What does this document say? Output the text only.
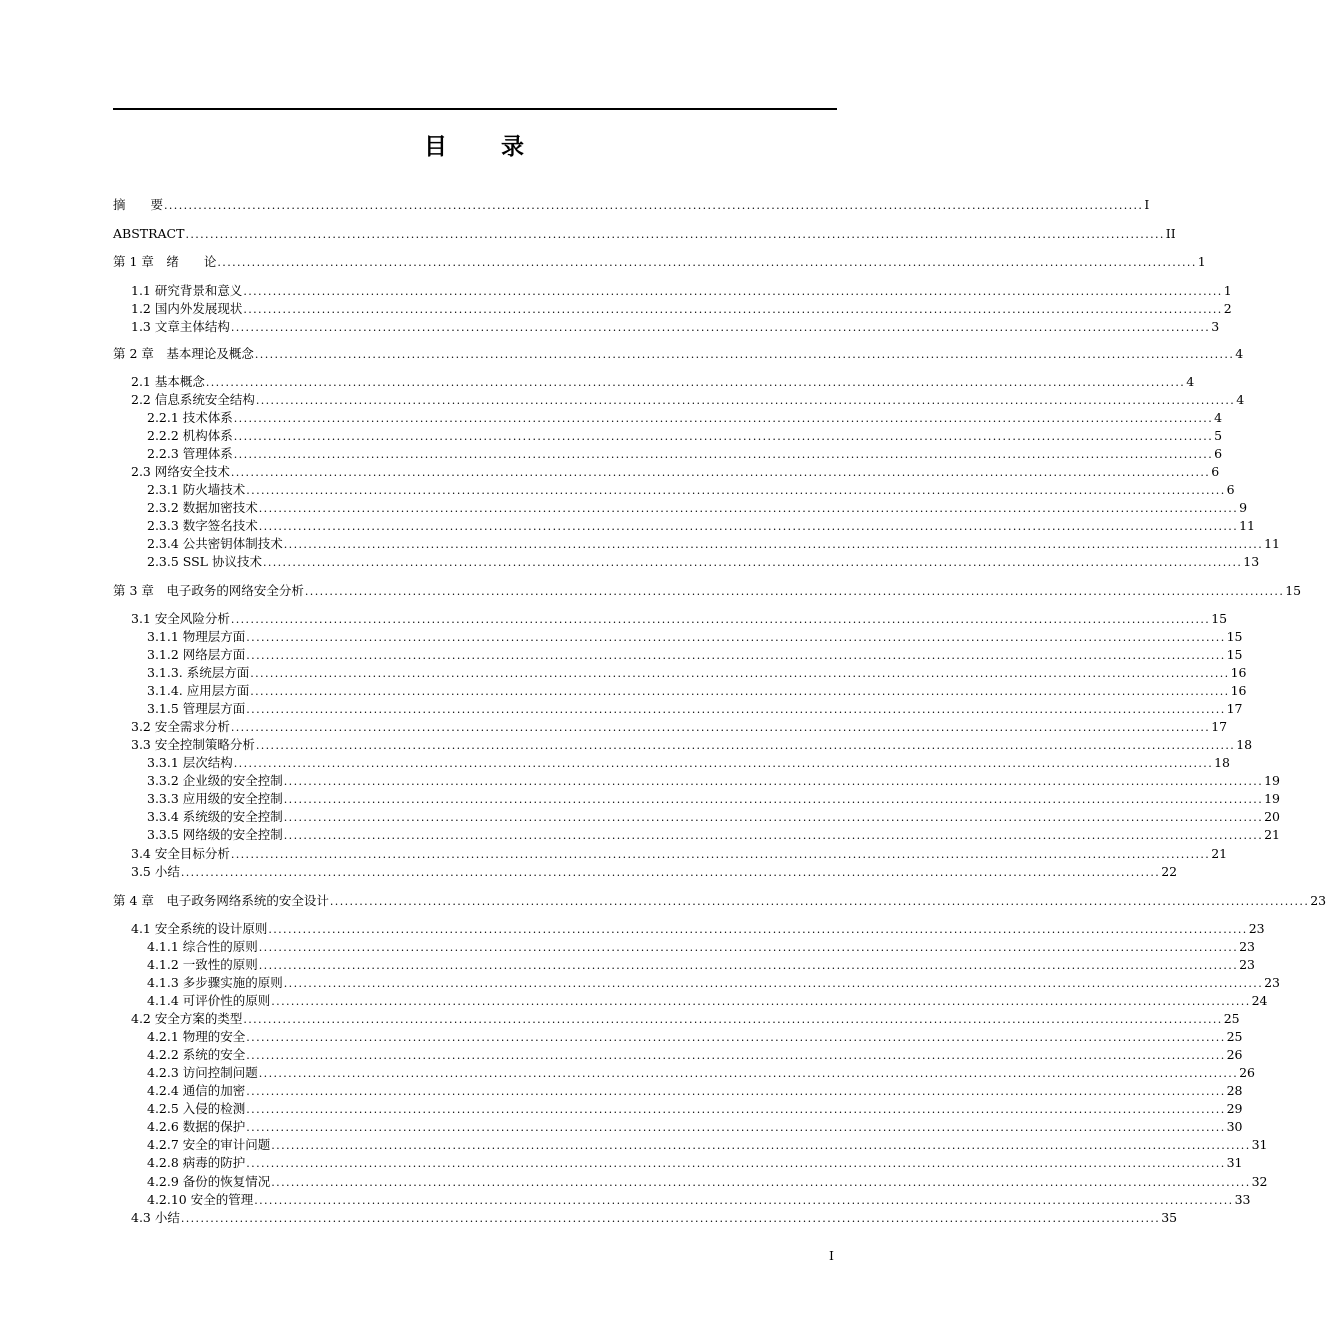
目 录
摘　　要 ........................................................................................................................................................................................................ I
ABSTRACT ........................................................................................................................................................................................................ II
第 1 章　绪　　论 ........................................................................................................................................................................................................ 1
1.1 研究背景和意义 ........................................................................................................................................................................................................ 1
1.2 国内外发展现状 ........................................................................................................................................................................................................ 2
1.3 文章主体结构 ........................................................................................................................................................................................................ 3
第 2 章　基本理论及概念 ........................................................................................................................................................................................................ 4
2.1 基本概念 ........................................................................................................................................................................................................ 4
2.2 信息系统安全结构 ........................................................................................................................................................................................................ 4
2.2.1 技术体系 ........................................................................................................................................................................................................ 4
2.2.2 机构体系 ........................................................................................................................................................................................................ 5
2.2.3 管理体系 ........................................................................................................................................................................................................ 6
2.3 网络安全技术 ........................................................................................................................................................................................................ 6
2.3.1 防火墙技术 ........................................................................................................................................................................................................ 6
2.3.2 数据加密技术 ........................................................................................................................................................................................................ 9
2.3.3 数字签名技术 ........................................................................................................................................................................................................ 11
2.3.4 公共密钥体制技术 ........................................................................................................................................................................................................ 11
2.3.5 SSL 协议技术 ........................................................................................................................................................................................................ 13
第 3 章　电子政务的网络安全分析 ........................................................................................................................................................................................................ 15
3.1 安全风险分析 ........................................................................................................................................................................................................ 15
3.1.1 物理层方面 ........................................................................................................................................................................................................ 15
3.1.2 网络层方面 ........................................................................................................................................................................................................ 15
3.1.3. 系统层方面 ........................................................................................................................................................................................................ 16
3.1.4. 应用层方面 ........................................................................................................................................................................................................ 16
3.1.5 管理层方面 ........................................................................................................................................................................................................ 17
3.2 安全需求分析 ........................................................................................................................................................................................................ 17
3.3 安全控制策略分析 ........................................................................................................................................................................................................ 18
3.3.1 层次结构 ........................................................................................................................................................................................................ 18
3.3.2 企业级的安全控制 ........................................................................................................................................................................................................ 19
3.3.3 应用级的安全控制 ........................................................................................................................................................................................................ 19
3.3.4 系统级的安全控制 ........................................................................................................................................................................................................ 20
3.3.5 网络级的安全控制 ........................................................................................................................................................................................................ 21
3.4 安全目标分析 ........................................................................................................................................................................................................ 21
3.5 小结 ........................................................................................................................................................................................................ 22
第 4 章　电子政务网络系统的安全设计 ........................................................................................................................................................................................................ 23
4.1 安全系统的设计原则 ........................................................................................................................................................................................................ 23
4.1.1 综合性的原则 ........................................................................................................................................................................................................ 23
4.1.2 一致性的原则 ........................................................................................................................................................................................................ 23
4.1.3 多步骤实施的原则 ........................................................................................................................................................................................................ 23
4.1.4 可评价性的原则 ........................................................................................................................................................................................................ 24
4.2 安全方案的类型 ........................................................................................................................................................................................................ 25
4.2.1 物理的安全 ........................................................................................................................................................................................................ 25
4.2.2 系统的安全 ........................................................................................................................................................................................................ 26
4.2.3 访问控制问题 ........................................................................................................................................................................................................ 26
4.2.4 通信的加密 ........................................................................................................................................................................................................ 28
4.2.5 入侵的检测 ........................................................................................................................................................................................................ 29
4.2.6 数据的保护 ........................................................................................................................................................................................................ 30
4.2.7 安全的审计问题 ........................................................................................................................................................................................................ 31
4.2.8 病毒的防护 ........................................................................................................................................................................................................ 31
4.2.9 备份的恢复情况 ........................................................................................................................................................................................................ 32
4.2.10 安全的管理 ........................................................................................................................................................................................................ 33
4.3 小结 ........................................................................................................................................................................................................ 35
I
